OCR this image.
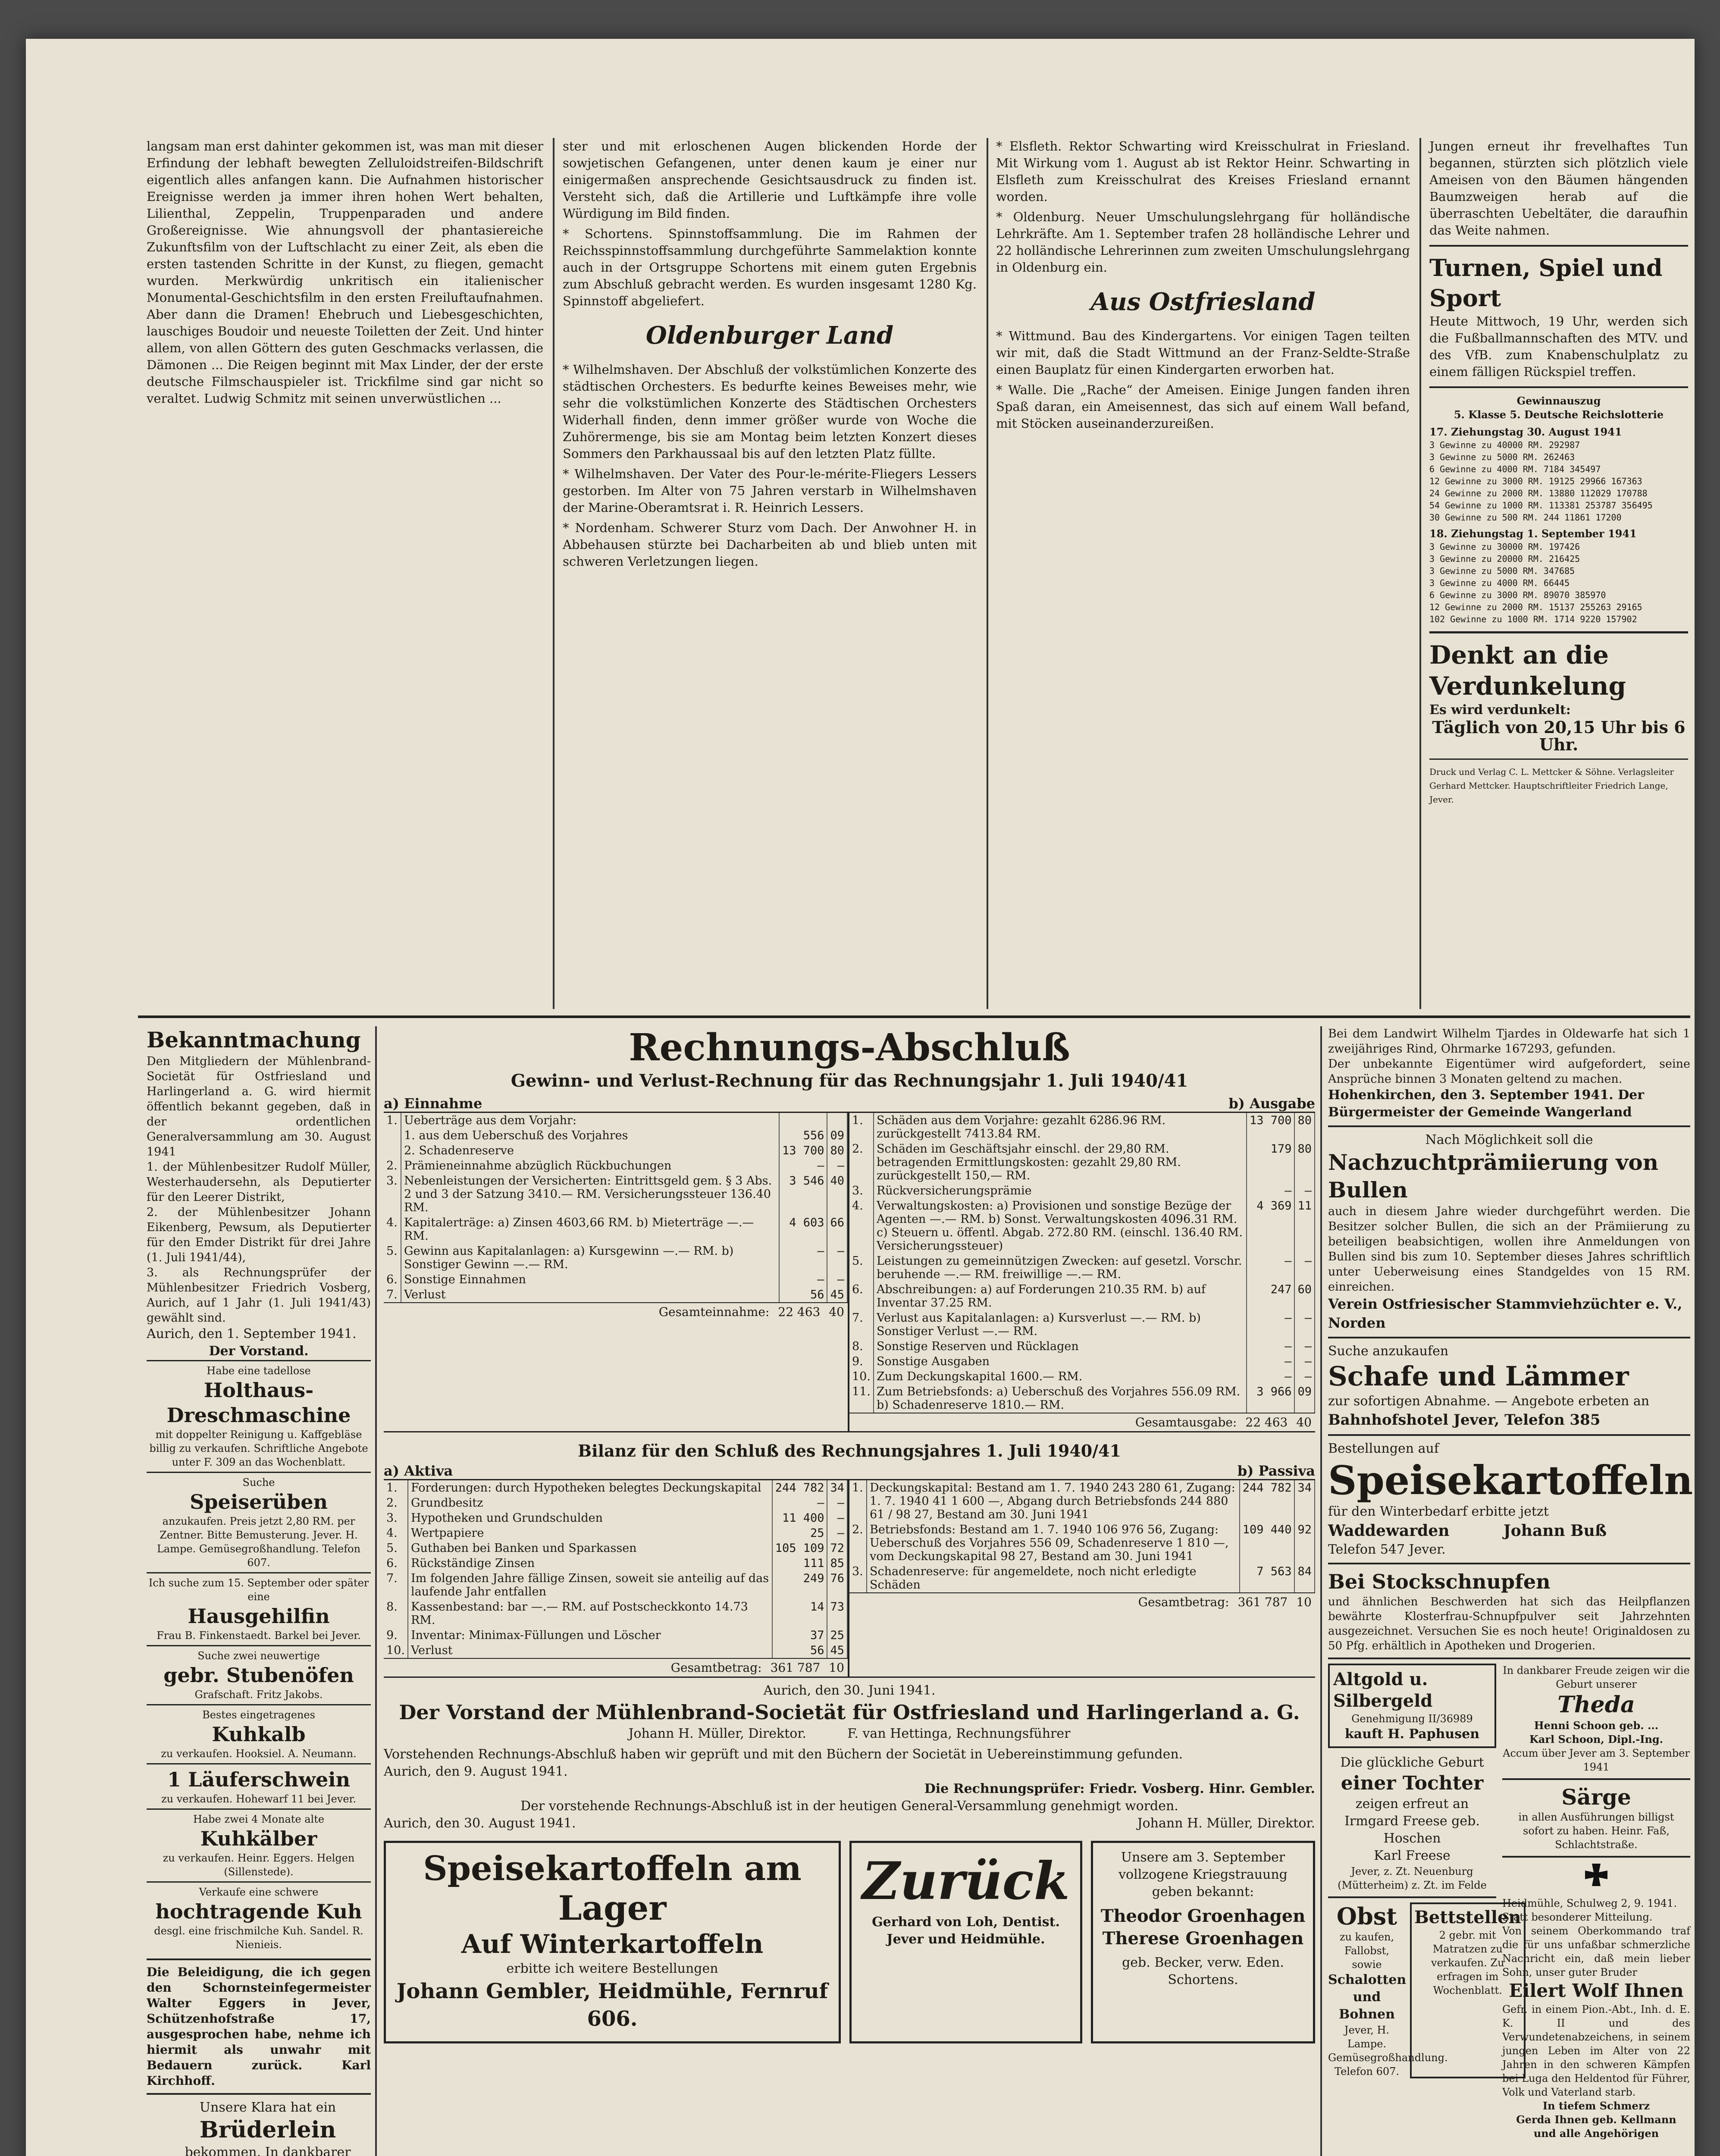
langsam man erst dahinter gekommen ist, was man mit dieser Erfindung der lebhaft bewegten Zelluloidstreifen-Bildschrift eigentlich alles anfangen kann. Die Aufnahmen historischer Ereignisse werden ja immer ihren hohen Wert behalten, Lilienthal, Zeppelin, Truppenparaden und andere Großereignisse. Wie ahnungsvoll der phantasiereiche Zukunftsfilm von der Luftschlacht zu einer Zeit, als eben die ersten tastenden Schritte in der Kunst, zu fliegen, gemacht wurden. Merkwürdig unkritisch ein italienischer Monumental-Geschichtsfilm in den ersten Freiluftaufnahmen. Aber dann die Dramen! Ehebruch und Liebesgeschichten, lauschiges Boudoir und neueste Toiletten der Zeit. Und hinter allem, von allen Göttern des guten Geschmacks verlassen, die Dämonen ... Die Reigen beginnt mit Max Linder, der der erste deutsche Filmschauspieler ist. Trickfilme sind gar nicht so veraltet. Ludwig Schmitz mit seinen unverwüstlichen ...

ster und mit erloschenen Augen blickenden Horde der sowjetischen Gefangenen, unter denen kaum je einer nur einigermaßen ansprechende Gesichtsausdruck zu finden ist. Versteht sich, daß die Artillerie und Luftkämpfe ihre volle Würdigung im Bild finden.

* Schortens. Spinnstoffsammlung. Die im Rahmen der Reichsspinnstoffsammlung durchgeführte Sammelaktion konnte auch in der Ortsgruppe Schortens mit einem guten Ergebnis zum Abschluß gebracht werden. Es wurden insgesamt 1280 Kg. Spinnstoff abgeliefert.

Oldenburger Land

* Wilhelmshaven. Der Abschluß der volkstümlichen Konzerte des städtischen Orchesters. Es bedurfte keines Beweises mehr, wie sehr die volkstümlichen Konzerte des Städtischen Orchesters Widerhall finden, denn immer größer wurde von Woche die Zuhörermenge, bis sie am Montag beim letzten Konzert dieses Sommers den Parkhaussaal bis auf den letzten Platz füllte.

* Wilhelmshaven. Der Vater des Pour-le-mérite-Fliegers Lessers gestorben. Im Alter von 75 Jahren verstarb in Wilhelmshaven der Marine-Oberamtsrat i. R. Heinrich Lessers.

* Nordenham. Schwerer Sturz vom Dach. Der Anwohner H. in Abbehausen stürzte bei Dacharbeiten ab und blieb unten mit schweren Verletzungen liegen.

* Elsfleth. Rektor Schwarting wird Kreisschulrat in Friesland. Mit Wirkung vom 1. August ab ist Rektor Heinr. Schwarting in Elsfleth zum Kreisschulrat des Kreises Friesland ernannt worden.

* Oldenburg. Neuer Umschulungslehrgang für holländische Lehrkräfte. Am 1. September trafen 28 holländische Lehrer und 22 holländische Lehrerinnen zum zweiten Umschulungslehrgang in Oldenburg ein.

Aus Ostfriesland

* Wittmund. Bau des Kindergartens. Vor einigen Tagen teilten wir mit, daß die Stadt Wittmund an der Franz-Seldte-Straße einen Bauplatz für einen Kindergarten erworben hat.

* Walle. Die „Rache“ der Ameisen. Einige Jungen fanden ihren Spaß daran, ein Ameisennest, das sich auf einem Wall befand, mit Stöcken auseinanderzureißen.

Jungen erneut ihr frevelhaftes Tun begannen, stürzten sich plötzlich viele Ameisen von den Bäumen hängenden Baumzweigen herab auf die überraschten Uebeltäter, die daraufhin das Weite nahmen.

Turnen, Spiel und Sport

Heute Mittwoch, 19 Uhr, werden sich die Fußballmannschaften des MTV. und des VfB. zum Knabenschulplatz zu einem fälligen Rückspiel treffen.

Gewinnauszug
5. Klasse 5. Deutsche Reichslotterie
17. Ziehungstag 30. August 1941
3 Gewinne zu 40000 RM. 292987
3 Gewinne zu 5000 RM. 262463
6 Gewinne zu 4000 RM. 7184 345497
12 Gewinne zu 3000 RM. 19125 29966 167363
24 Gewinne zu 2000 RM. 13880 112029 170788
54 Gewinne zu 1000 RM. 113381 253787 356495
30 Gewinne zu 500 RM. 244 11861 17200
18. Ziehungstag 1. September 1941
3 Gewinne zu 30000 RM. 197426
3 Gewinne zu 20000 RM. 216425
3 Gewinne zu 5000 RM. 347685
3 Gewinne zu 4000 RM. 66445
6 Gewinne zu 3000 RM. 89070 385970
12 Gewinne zu 2000 RM. 15137 255263 29165
102 Gewinne zu 1000 RM. 1714 9220 157902
Denkt an die Verdunkelung
Es wird verdunkelt:
Täglich von 20,15 Uhr bis 6 Uhr.
Druck und Verlag C. L. Mettcker & Söhne. Verlagsleiter Gerhard Mettcker. Hauptschriftleiter Friedrich Lange, Jever.
Bekanntmachung

Den Mitgliedern der Mühlenbrand-Societät für Ostfriesland und Harlingerland a. G. wird hiermit öffentlich bekannt gegeben, daß in der ordentlichen Generalversammlung am 30. August 1941

1. der Mühlenbesitzer Rudolf Müller, Westerhaudersehn, als Deputierter für den Leerer Distrikt,
2. der Mühlenbesitzer Johann Eikenberg, Pewsum, als Deputierter für den Emder Distrikt für drei Jahre (1. Juli 1941/44),
3. als Rechnungsprüfer der Mühlenbesitzer Friedrich Vosberg, Aurich, auf 1 Jahr (1. Juli 1941/43) gewählt sind.

Aurich, den 1. September 1941.
Der Vorstand.
Habe eine tadellose
Holthaus-Dreschmaschine
mit doppelter Reinigung u. Kaffgebläse billig zu verkaufen. Schriftliche Angebote unter F. 309 an das Wochenblatt.
Suche
Speiserüben
anzukaufen. Preis jetzt 2,80 RM. per Zentner. Bitte Bemusterung. Jever. H. Lampe. Gemüsegroßhandlung. Telefon 607.
Ich suche zum 15. September oder später eine
Hausgehilfin
Frau B. Finkenstaedt. Barkel bei Jever.
Suche zwei neuwertige
gebr. Stubenöfen
Grafschaft. Fritz Jakobs.
Bestes eingetragenes
Kuhkalb
zu verkaufen. Hooksiel. A. Neumann.
1 Läuferschwein
zu verkaufen. Hohewarf 11 bei Jever.
Habe zwei 4 Monate alte
Kuhkälber
zu verkaufen. Heinr. Eggers. Helgen (Sillenstede).
Verkaufe eine schwere
hochtragende Kuh
desgl. eine frischmilche Kuh. Sandel. R. Nienieis.

Die Beleidigung, die ich gegen den Schornsteinfegermeister Walter Eggers in Jever, Schützenhofstraße 17, ausgesprochen habe, nehme ich hiermit als unwahr mit Bedauern zurück. Karl Kirchhoff.

Unsere Klara hat ein
Brüderlein
bekommen. In dankbarer
Rechnungs-Abschluß
Gewinn- und Verlust-Rechnung für das Rechnungsjahr 1. Juli 1940/41
a) Einnahme	b) Ausgabe
1.	Ueberträge aus dem Vorjahr:		
	1. aus dem Ueberschuß des Vorjahres	556	09
	2. Schadenreserve	13 700	80
2.	Prämieneinnahme abzüglich Rückbuchungen	—	—
3.	Nebenleistungen der Versicherten: Eintrittsgeld gem. § 3 Abs. 2 und 3 der Satzung 3410.— RM. Versicherungssteuer 136.40 RM.	3 546	40
4.	Kapitalerträge: a) Zinsen 4603,66 RM. b) Mieterträge —.— RM.	4 603	66
5.	Gewinn aus Kapitalanlagen: a) Kursgewinn —.— RM. b) Sonstiger Gewinn —.— RM.	—	—
6.	Sonstige Einnahmen	—	—
7.	Verlust	56	45
Gesamteinnahme: 22 463 40
1.	Schäden aus dem Vorjahre: gezahlt 6286.96 RM. zurückgestellt 7413.84 RM.	13 700	80
2.	Schäden im Geschäftsjahr einschl. der 29,80 RM. betragenden Ermittlungskosten: gezahlt 29,80 RM. zurückgestellt 150,— RM.	179	80
3.	Rückversicherungsprämie	—	—
4.	Verwaltungskosten: a) Provisionen und sonstige Bezüge der Agenten —.— RM. b) Sonst. Verwaltungskosten 4096.31 RM. c) Steuern u. öffentl. Abgab. 272.80 RM. (einschl. 136.40 RM. Versicherungssteuer)	4 369	11
5.	Leistungen zu gemeinnützigen Zwecken: auf gesetzl. Vorschr. beruhende —.— RM. freiwillige —.— RM.	—	—
6.	Abschreibungen: a) auf Forderungen 210.35 RM. b) auf Inventar 37.25 RM.	247	60
7.	Verlust aus Kapitalanlagen: a) Kursverlust —.— RM. b) Sonstiger Verlust —.— RM.	—	—
8.	Sonstige Reserven und Rücklagen	—	—
9.	Sonstige Ausgaben	—	—
10.	Zum Deckungskapital 1600.— RM.	—	—
11.	Zum Betriebsfonds: a) Ueberschuß des Vorjahres 556.09 RM. b) Schadenreserve 1810.— RM.	3 966	09
Gesamtausgabe: 22 463 40
Bilanz für den Schluß des Rechnungsjahres 1. Juli 1940/41
a) Aktiva	b) Passiva
1.	Forderungen: durch Hypotheken belegtes Deckungskapital	244 782	34
2.	Grundbesitz	—	—
3.	Hypotheken und Grundschulden	11 400	—
4.	Wertpapiere	25	—
5.	Guthaben bei Banken und Sparkassen	105 109	72
6.	Rückständige Zinsen	111	85
7.	Im folgenden Jahre fällige Zinsen, soweit sie anteilig auf das laufende Jahr entfallen	249	76
8.	Kassenbestand: bar —.— RM. auf Postscheckkonto 14.73 RM.	14	73
9.	Inventar: Minimax-Füllungen und Löscher	37	25
10.	Verlust	56	45
Gesamtbetrag: 361 787 10
1.	Deckungskapital: Bestand am 1. 7. 1940 243 280 61, Zugang: 1. 7. 1940 41 1 600 —, Abgang durch Betriebsfonds 244 880 61 / 98 27, Bestand am 30. Juni 1941	244 782	34
2.	Betriebsfonds: Bestand am 1. 7. 1940 106 976 56, Zugang: Ueberschuß des Vorjahres 556 09, Schadenreserve 1 810 —, vom Deckungskapital 98 27, Bestand am 30. Juni 1941	109 440	92
3.	Schadenreserve: für angemeldete, noch nicht erledigte Schäden	7 563	84
Gesamtbetrag: 361 787 10
Aurich, den 30. Juni 1941.
Der Vorstand der Mühlenbrand-Societät für Ostfriesland und Harlingerland a. G.
Johann H. Müller, Direktor.          F. van Hettinga, Rechnungsführer
Vorstehenden Rechnungs-Abschluß haben wir geprüft und mit den Büchern der Societät in Uebereinstimmung gefunden.
Aurich, den 9. August 1941.
Die Rechnungsprüfer: Friedr. Vosberg. Hinr. Gembler.
Der vorstehende Rechnungs-Abschluß ist in der heutigen General-Versammlung genehmigt worden.
Aurich, den 30. August 1941.	Johann H. Müller, Direktor.
Speisekartoffeln am Lager
Auf Winterkartoffeln
erbitte ich weitere Bestellungen
Johann Gembler, Heidmühle, Fernruf 606.
Zurück
Gerhard von Loh, Dentist. Jever und Heidmühle.
Unsere am 3. September vollzogene Kriegstrauung geben bekannt:
Theodor Groenhagen
Therese Groenhagen
geb. Becker, verw. Eden. Schortens.

Bei dem Landwirt Wilhelm Tjardes in Oldewarfe hat sich 1 zweijähriges Rind, Ohrmarke 167293, gefunden.

Der unbekannte Eigentümer wird aufgefordert, seine Ansprüche binnen 3 Monaten geltend zu machen.

Hohenkirchen, den 3. September 1941. Der Bürgermeister der Gemeinde Wangerland

Nach Möglichkeit soll die
Nachzuchtprämiierung von Bullen

auch in diesem Jahre wieder durchgeführt werden. Die Besitzer solcher Bullen, die sich an der Prämiierung zu beteiligen beabsichtigen, wollen ihre Anmeldungen von Bullen sind bis zum 10. September dieses Jahres schriftlich unter Ueberweisung eines Standgeldes von 15 RM. einreichen.

Verein Ostfriesischer Stammviehzüchter e. V., Norden
Suche anzukaufen
Schafe und Lämmer
zur sofortigen Abnahme. — Angebote erbeten an
Bahnhofshotel Jever, Telefon 385
Bestellungen auf
Speisekartoffeln
für den Winterbedarf erbitte jetzt
Waddewarden          Johann Buß
Telefon 547 Jever.
Bei Stockschnupfen

und ähnlichen Beschwerden hat sich das Heilpflanzen bewährte Klosterfrau-Schnupfpulver seit Jahrzehnten ausgezeichnet. Versuchen Sie es noch heute! Originaldosen zu 50 Pfg. erhältlich in Apotheken und Drogerien.

Altgold u. Silbergeld
Genehmigung II/36989
kauft H. Paphusen
Die glückliche Geburt
einer Tochter
zeigen erfreut an
Irmgard Freese geb. Hoschen
Karl Freese
Jever, z. Zt. Neuenburg (Mütterheim) z. Zt. im Felde
Obst
zu kaufen, Fallobst, sowie
Schalotten und Bohnen
Jever, H. Lampe. Gemüsegroßhandlung. Telefon 607.
Bettstellen
2 gebr. mit Matratzen zu verkaufen. Zu erfragen im Wochenblatt.
In dankbarer Freude zeigen wir die Geburt unserer
Theda
Henni Schoon geb. ...
Karl Schoon, Dipl.-Ing.
Accum über Jever am 3. September 1941
Särge
in allen Ausführungen billigst sofort zu haben. Heinr. Faß, Schlachtstraße.
Heidmühle, Schulweg 2, 9. 1941. Statt besonderer Mitteilung.
Von seinem Oberkommando traf die für uns unfaßbar schmerzliche Nachricht ein, daß mein lieber Sohn, unser guter Bruder
Eilert Wolf Ihnen
Gefr. in einem Pion.-Abt., Inh. d. E. K. II und des Verwundetenabzeichens, in seinem jungen Leben im Alter von 22 Jahren in den schweren Kämpfen bei Luga den Heldentod für Führer, Volk und Vaterland starb.
In tiefem Schmerz
Gerda Ihnen geb. Kellmann
und alle Angehörigen
